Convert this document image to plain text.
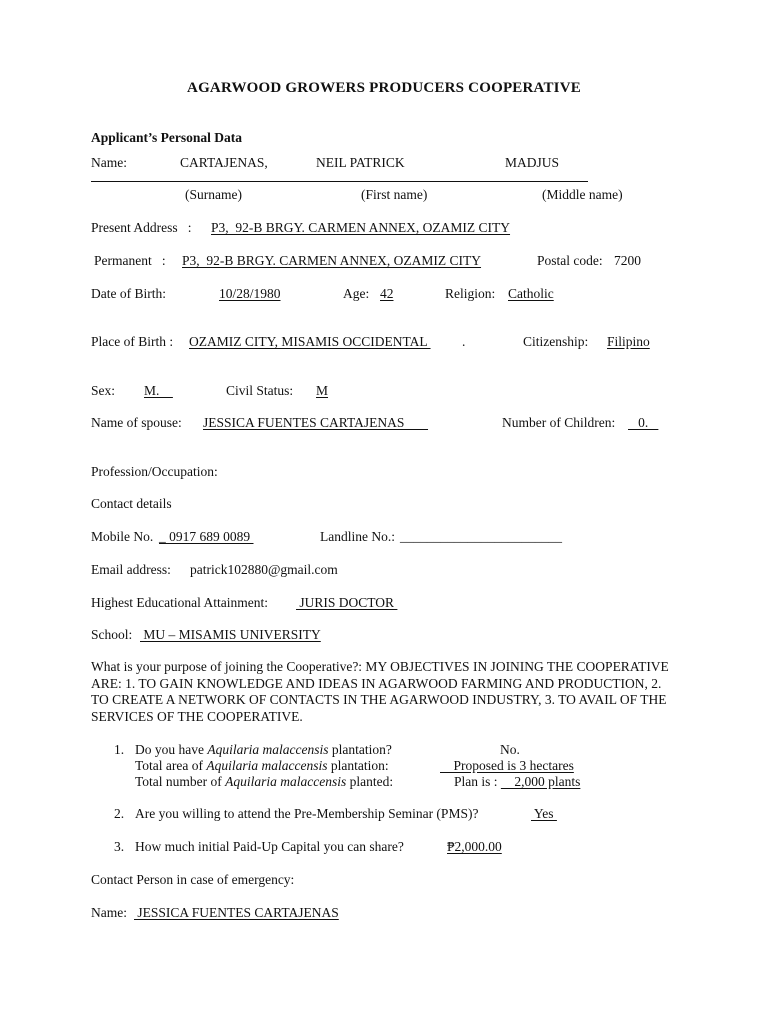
AGARWOOD GROWERS PRODUCERS COOPERATIVE
Applicant’s Personal Data
Name:	CARTAJENAS,	NEIL PATRICK	MADJUS
(Surname)	(First name)	(Middle name)
Present Address   : P3,  92-B BRGY. CARMEN ANNEX, OZAMIZ CITY
Permanent   : P3,  92-B BRGY. CARMEN ANNEX, OZAMIZ CITY	Postal code: 7200
Date of Birth:	10/28/1980	Age: 42	Religion: Catholic
Place of Birth : OZAMIZ CITY, MISAMIS OCCIDENTAL .	Citizenship: Filipino
Sex: M.	Civil Status: M
Name of spouse: JESSICA FUENTES CARTAJENAS	Number of Children: 0.
Profession/Occupation:
Contact details
Mobile No. _ 0917 689 0089	Landline No.: ________________________
Email address: patrick102880@gmail.com
Highest Educational Attainment: JURIS DOCTOR
School: MU – MISAMIS UNIVERSITY
What is your purpose of joining the Cooperative?: MY OBJECTIVES IN JOINING THE COOPERATIVE ARE: 1. TO GAIN KNOWLEDGE AND IDEAS IN AGARWOOD FARMING AND PRODUCTION, 2. TO CREATE A NETWORK OF CONTACTS IN THE AGARWOOD INDUSTRY, 3. TO AVAIL OF THE SERVICES OF THE COOPERATIVE.
1. Do you have Aquilaria malaccensis plantation?	No.
Total area of Aquilaria malaccensis plantation:	Proposed is 3 hectares
Total number of Aquilaria malaccensis planted:	Plan is :     2,000 plants
2. Are you willing to attend the Pre-Membership Seminar (PMS)?	Yes
3. How much initial Paid-Up Capital you can share?	₱2,000.00
Contact Person in case of emergency:
Name: JESSICA FUENTES CARTAJENAS
